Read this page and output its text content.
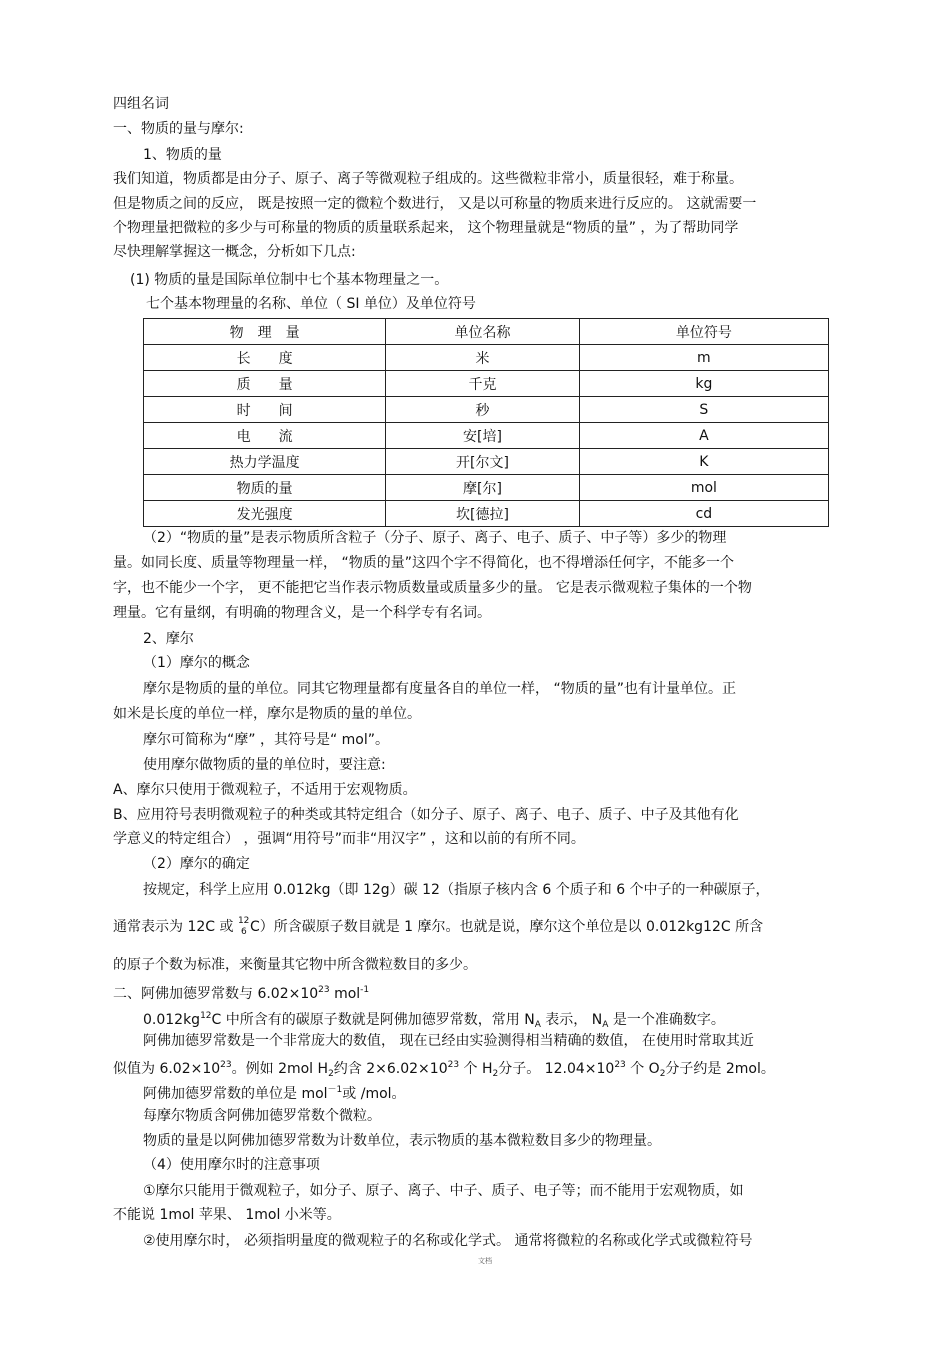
四组名词
一、物质的量与摩尔:
1、物质的量
我们知道，物质都是由分子、原子、离子等微观粒子组成的。这些微粒非常小，质量很轻，难于称量。
但是物质之间的反应， 既是按照一定的微粒个数进行， 又是以可称量的物质来进行反应的。 这就需要一
个物理量把微粒的多少与可称量的物质的质量联系起来， 这个物理量就是“物质的量” ，为了帮助同学
尽快理解掌握这一概念，分析如下几点:
(1) 物质的量是国际单位制中七个基本物理量之一。
七个基本物理量的名称、单位（ SI 单位）及单位符号
物　理　量	单位名称	单位符号
长　　度	米	m
质　　量	千克	kg
时　　间	秒	S
电　　流	安[培]	A
热力学温度	开[尔文]	K
物质的量	摩[尔]	mol
发光强度	坎[德拉]	cd
（2）“物质的量”是表示物质所含粒子（分子、原子、离子、电子、质子、中子等）多少的物理
量。如同长度、质量等物理量一样， “物质的量”这四个字不得简化，也不得增添任何字，不能多一个
字，也不能少一个字， 更不能把它当作表示物质数量或质量多少的量。 它是表示微观粒子集体的一个物
理量。它有量纲，有明确的物理含义，是一个科学专有名词。
2、摩尔
（1）摩尔的概念
摩尔是物质的量的单位。同其它物理量都有度量各自的单位一样， “物质的量”也有计量单位。正
如米是长度的单位一样，摩尔是物质的量的单位。
摩尔可简称为“摩” ，其符号是“ mol”。
使用摩尔做物质的量的单位时，要注意:
A、摩尔只使用于微观粒子，不适用于宏观物质。
B、应用符号表明微观粒子的种类或其特定组合（如分子、原子、离子、电子、质子、中子及其他有化
学意义的特定组合） ，强调“用符号”而非“用汉字” ，这和以前的有所不同。
（2）摩尔的确定
按规定，科学上应用 0.012kg（即 12g）碳 12（指原子核内含 6 个质子和 6 个中子的一种碳原子，
通常表示为 12C 或 12
6 C）所含碳原子数目就是 1 摩尔。也就是说，摩尔这个单位是以 0.012kg12C 所含
的原子个数为标准，来衡量其它物中所含微粒数目的多少。
二、阿佛加德罗常数与 $6.02\times 10^{23}$ mol$^{-1}$
$0.012kg^{12}C$ 中所含有的碳原子数就是阿佛加德罗常数，常用 $N_A$ 表示， $N_A$ 是一个准确数字。
阿佛加德罗常数是一个非常庞大的数值， 现在已经由实验测得相当精确的数值， 在使用时常取其近
似值为 $6.02\times 10^{23}$。例如 2mol $H_2$约含 $2\times 6.02\times 10^{23}$ 个 $H_2$分子。 $12.04\times 10^{23}$ 个 $O_2$分子约是 2mol。
阿佛加德罗常数的单位是 mol$^{-1}$或 /mol。
每摩尔物质含阿佛加德罗常数个微粒。
物质的量是以阿佛加德罗常数为计数单位，表示物质的基本微粒数目多少的物理量。
（4）使用摩尔时的注意事项
①摩尔只能用于微观粒子，如分子、原子、离子、中子、质子、电子等；而不能用于宏观物质，如
不能说 1mol 苹果、 1mol 小米等。
②使用摩尔时， 必须指明量度的微观粒子的名称或化学式。 通常将微粒的名称或化学式或微粒符号
文档
